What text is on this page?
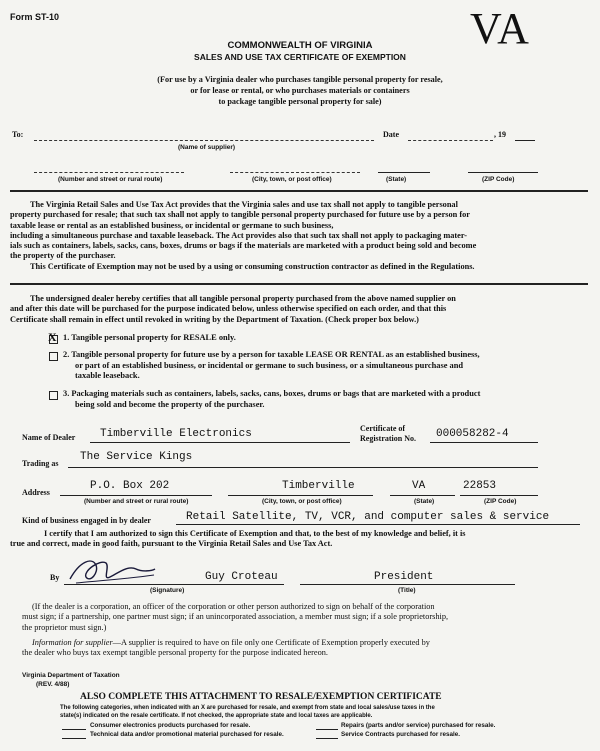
Form ST-10	VA
COMMONWEALTH OF VIRGINIA
SALES AND USE TAX CERTIFICATE OF EXEMPTION
(For use by a Virginia dealer who purchases tangible personal property for resale,
or for lease or rental, or who purchases materials or containers
to package tangible personal property for sale)
To:	Date	, 19
(Name of supplier)
(Number and street or rural route)	(City, town, or post office)	(State)	(ZIP Code)
The Virginia Retail Sales and Use Tax Act provides that the Virginia sales and use tax shall not apply to tangible personal
property purchased for resale; that such tax shall not apply to tangible personal property purchased for future use by a person for
taxable lease or rental as an established business, or incidental or germane to such business,
including a simultaneous purchase and taxable leaseback. The Act provides also that such tax shall not apply to packaging mater-
ials such as containers, labels, sacks, cans, boxes, drums or bags if the materials are marketed with a product being sold and become
the property of the purchaser.
This Certificate of Exemption may not be used by a using or consuming construction contractor as defined in the Regulations.
The undersigned dealer hereby certifies that all tangible personal property purchased from the above named supplier on
and after this date will be purchased for the purpose indicated below, unless otherwise specified on each order, and that this
Certificate shall remain in effect until revoked in writing by the Department of Taxation. (Check proper box below.)
X 1. Tangible personal property for RESALE only.
2. Tangible personal property for future use by a person for taxable LEASE OR RENTAL as an established business,
or part of an established business, or incidental or germane to such business, or a simultaneous purchase and
taxable leaseback.
3. Packaging materials such as containers, labels, sacks, cans, boxes, drums or bags that are marketed with a product
being sold and become the property of the purchaser.
Name of Dealer Timberville Electronics	Certificate of
Registration No. 000058282-4
Trading as
The Service Kings
Address
P.O. Box 202	Timberville	VA	22853
(Number and street or rural route)	(City, town, or post office)	(State)	(ZIP Code)
Kind of business engaged in by dealer	Retail Satellite, TV, VCR, and computer sales & service
I certify that I am authorized to sign this Certificate of Exemption and that, to the best of my knowledge and belief, it is
true and correct, made in good faith, pursuant to the Virginia Retail Sales and Use Tax Act.
By	Guy Croteau	President
(Signature)	(Title)
(If the dealer is a corporation, an officer of the corporation or other person authorized to sign on behalf of the corporation
must sign; if a partnership, one partner must sign; if an unincorporated association, a member must sign; if a sole proprietorship,
the proprietor must sign.)
Information for supplier—A supplier is required to have on file only one Certificate of Exemption properly executed by
the dealer who buys tax exempt tangible personal property for the purpose indicated hereon.
Virginia Department of Taxation
(REV. 4/88)
ALSO COMPLETE THIS ATTACHMENT TO RESALE/EXEMPTION CERTIFICATE
The following categories, when indicated with an X are purchased for resale, and exempt from state and local sales/use taxes in the
state(s) indicated on the resale certificate. If not checked, the appropriate state and local taxes are applicable.
Consumer electronics products purchased for resale.	Repairs (parts and/or service) purchased for resale.
Technical data and/or promotional material purchased for resale.	Service Contracts purchased for resale.
